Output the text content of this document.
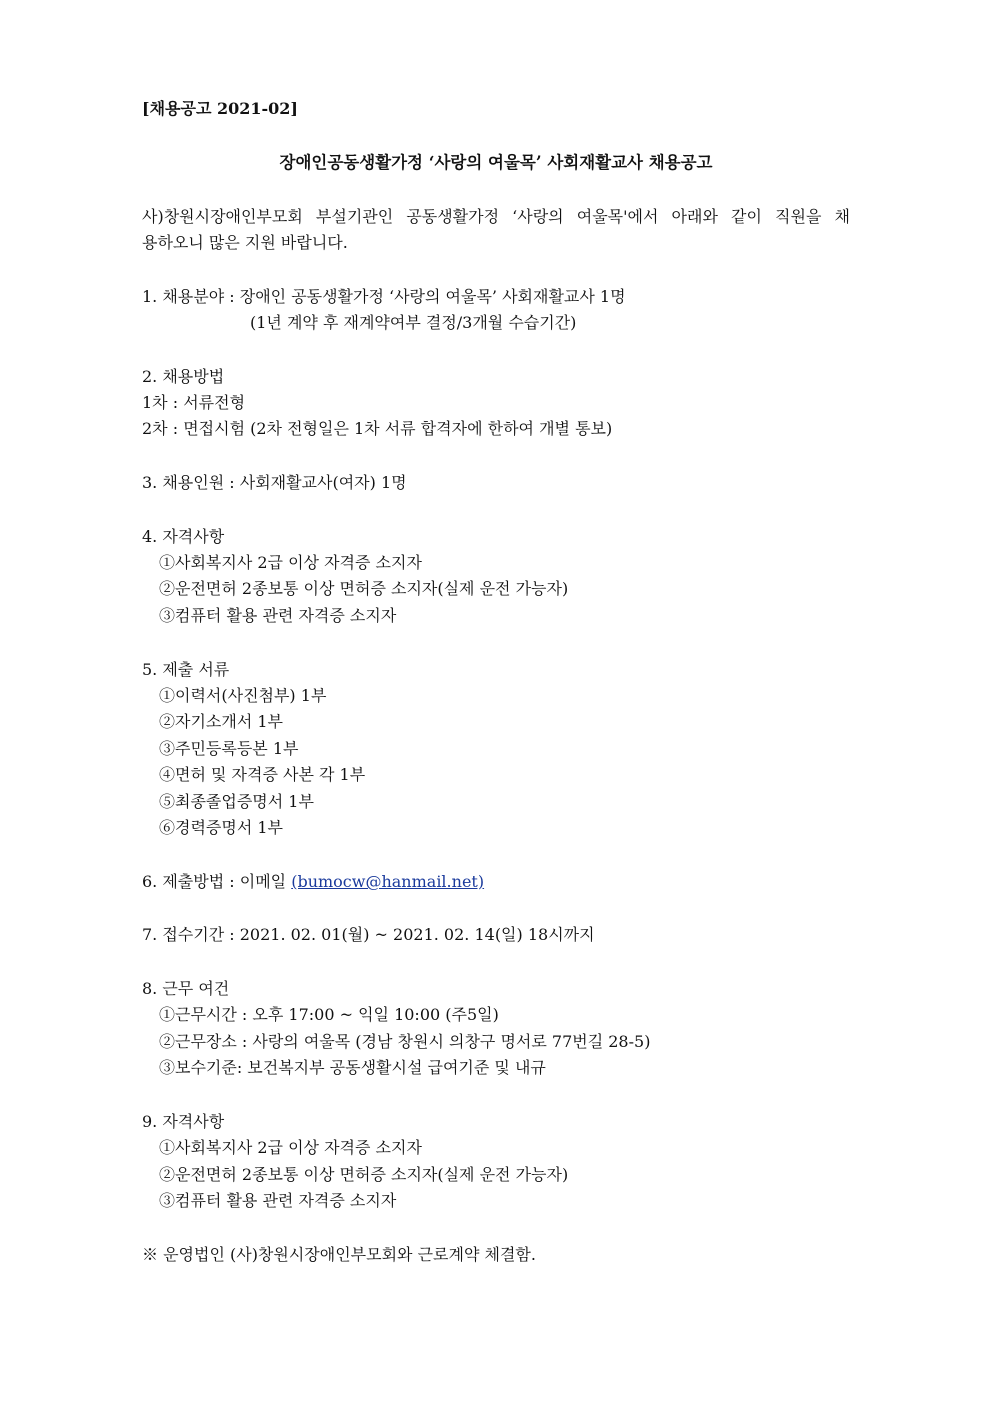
[채용공고 2021-02]
장애인공동생활가정 ‘사랑의 여울목’ 사회재활교사 채용공고
사)창원시장애인부모회 부설기관인 공동생활가정 ‘사랑의 여울목'에서 아래와 같이 직원을 채
용하오니 많은 지원 바랍니다.
1. 채용분야 : 장애인 공동생활가정 ‘사랑의 여울목’ 사회재활교사 1명
(1년 계약 후 재계약여부 결정/3개월 수습기간)
2. 채용방법
1차 : 서류전형
2차 : 면접시험 (2차 전형일은 1차 서류 합격자에 한하여 개별 통보)
3. 채용인원 : 사회재활교사(여자) 1명
4. 자격사항
①사회복지사 2급 이상 자격증 소지자
②운전면허 2종보통 이상 면허증 소지자(실제 운전 가능자)
③컴퓨터 활용 관련 자격증 소지자
5. 제출 서류
①이력서(사진첨부) 1부
②자기소개서 1부
③주민등록등본 1부
④면허 및 자격증 사본 각 1부
⑤최종졸업증명서 1부
⑥경력증명서 1부
6. 제출방법 : 이메일 (bumocw@hanmail.net)
7. 접수기간 : 2021. 02. 01(월) ~ 2021. 02. 14(일) 18시까지
8. 근무 여건
①근무시간 : 오후 17:00 ~ 익일 10:00 (주5일)
②근무장소 : 사랑의 여울목 (경남 창원시 의창구 명서로 77번길 28-5)
③보수기준: 보건복지부 공동생활시설 급여기준 및 내규
9. 자격사항
①사회복지사 2급 이상 자격증 소지자
②운전면허 2종보통 이상 면허증 소지자(실제 운전 가능자)
③컴퓨터 활용 관련 자격증 소지자
※ 운영법인 (사)창원시장애인부모회와 근로계약 체결함.
